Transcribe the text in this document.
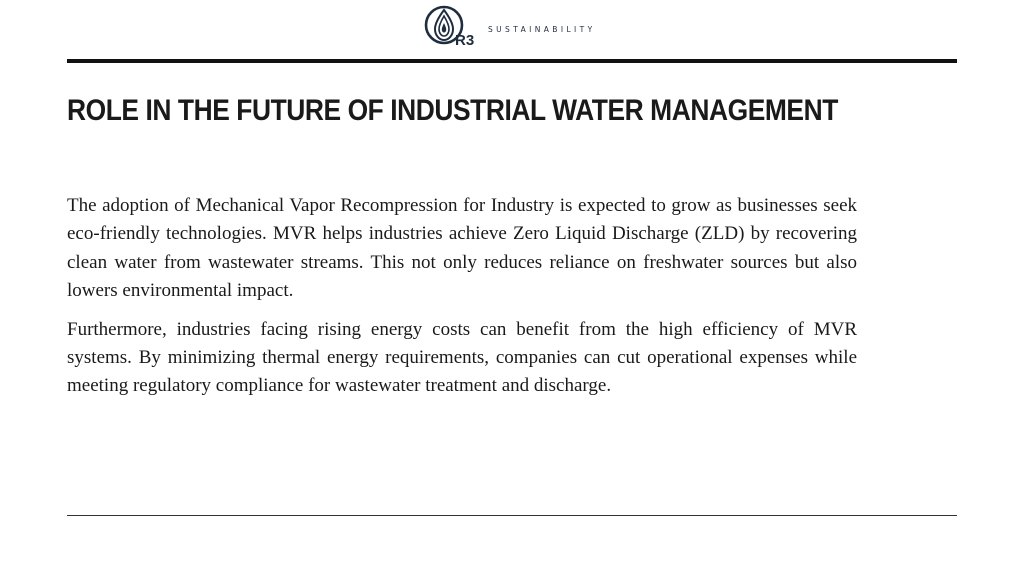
R3
SUSTAINABILITY
ROLE IN THE FUTURE OF INDUSTRIAL WATER MANAGEMENT

The adoption of Mechanical Vapor Recompression for Industry is expected to grow as businesses seek eco-friendly technologies. MVR helps industries achieve Zero Liquid Discharge (ZLD) by recovering clean water from wastewater streams. This not only reduces reliance on freshwater sources but also lowers environmental impact.

Furthermore, industries facing rising energy costs can benefit from the high efficiency of MVR systems. By minimizing thermal energy requirements, companies can cut operational expenses while meeting regulatory compliance for wastewater treatment and discharge.
